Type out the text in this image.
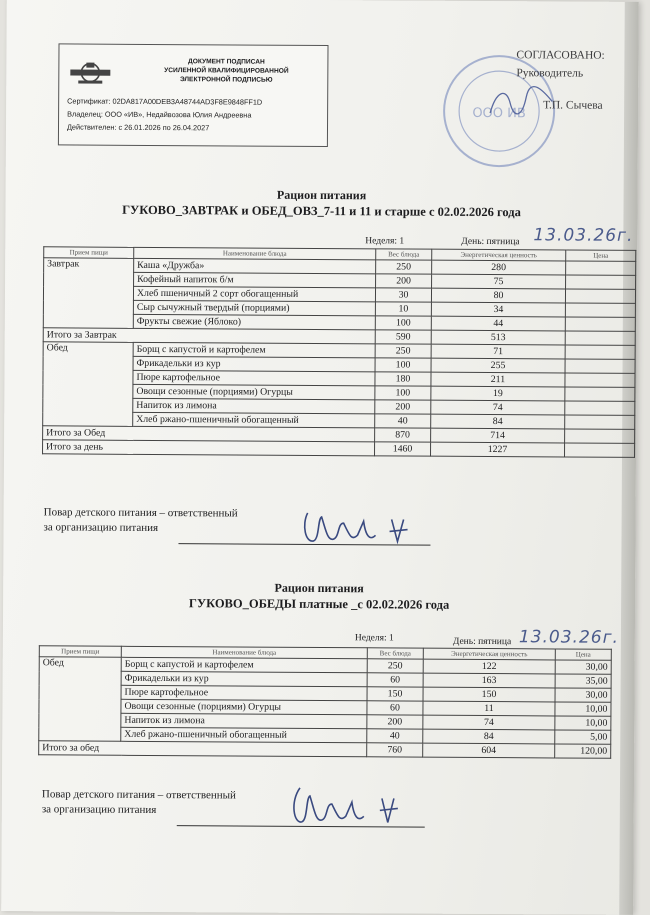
ДОКУМЕНТ ПОДПИСАН
УСИЛЕННОЙ КВАЛИФИЦИРОВАННОЙ
ЭЛЕКТРОННОЙ ПОДПИСЬЮ
Сертификат: 02DA817A00DEB3A48744AD3F8E9848FF1D
Владелец: ООО «ИВ», Недайвозова Юлия Андреевна
Действителен: с 26.01.2026 по 26.04.2027
ООО ИВ
СОГЛАСОВАНО:
Руководитель
Т.П. Сычева
Рацион питания
ГУКОВО_ЗАВТРАК и ОБЕД_ОВЗ_7-11 и 11 и старше с 02.02.2026 года
Неделя: 1	День: пятница 13.03.26г.
Прием пищи	Наименование блюда	Вес блюда	Энергетическая ценность	Цена
Завтрак	Каша «Дружба»	250	280	
	Кофейный напиток б/м	200	75	
	Хлеб пшеничный 2 сорт обогащенный	30	80	
	Сыр сычужный твердый (порциями)	10	34	
	Фрукты свежие (Яблоко)	100	44	
Итого за Завтрак		590	513	
Обед	Борщ с капустой и картофелем	250	71	
	Фрикадельки из кур	100	255	
	Пюре картофельное	180	211	
	Овощи сезонные (порциями) Огурцы	100	19	
	Напиток из лимона	200	74	
	Хлеб ржано-пшеничный обогащенный	40	84	
Итого за Обед		870	714	
Итого за день		1460	1227	
Повар детского питания – ответственный
за организацию питания
Рацион питания
ГУКОВО_ОБЕДЫ платные _с 02.02.2026 года
Неделя: 1	День: пятница 13.03.26г.
Прием пищи	Наименование блюда	Вес блюда	Энергетическая ценность	Цена
Обед	Борщ с капустой и картофелем	250	122	30,00
	Фрикадельки из кур	60	163	35,00
	Пюре картофельное	150	150	30,00
	Овощи сезонные (порциями) Огурцы	60	11	10,00
	Напиток из лимона	200	74	10,00
	Хлеб ржано-пшеничный обогащенный	40	84	5,00
Итого за обед		760	604	120,00
Повар детского питания – ответственный
за организацию питания
